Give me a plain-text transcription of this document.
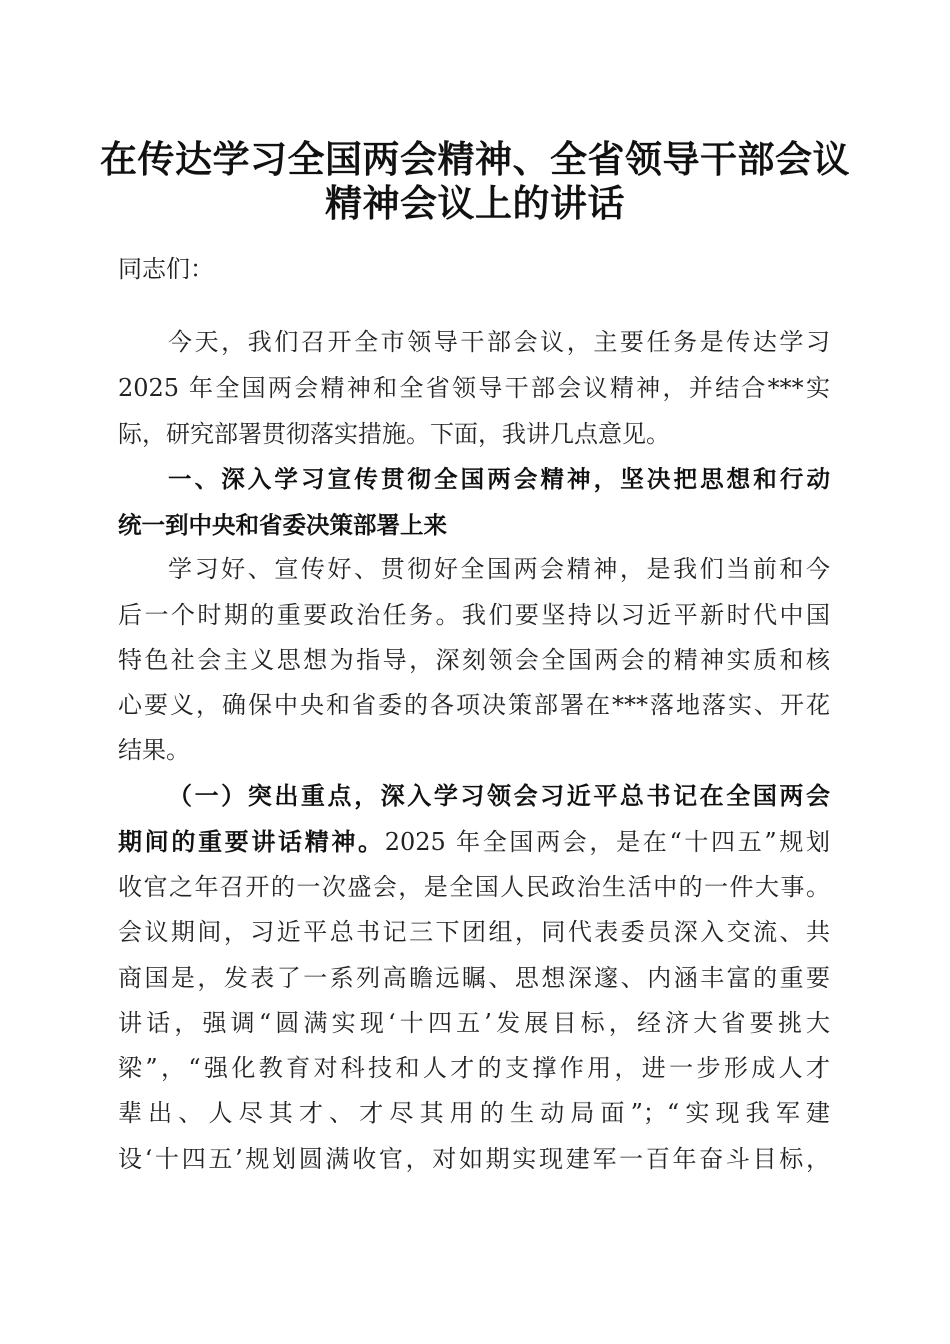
在传达学习全国两会精神、全省领导干部会议
精神会议上的讲话
同志们：
今天，我们召开全市领导干部会议，主要任务是传达学习
2025 年全国两会精神和全省领导干部会议精神，并结合***实
际，研究部署贯彻落实措施。下面，我讲几点意见。
一、深入学习宣传贯彻全国两会精神，坚决把思想和行动
统一到中央和省委决策部署上来
学习好、宣传好、贯彻好全国两会精神，是我们当前和今
后一个时期的重要政治任务。我们要坚持以习近平新时代中国
特色社会主义思想为指导，深刻领会全国两会的精神实质和核
心要义，确保中央和省委的各项决策部署在***落地落实、开花
结果。
（一）突出重点，深入学习领会习近平总书记在全国两会
期间的重要讲话精神。2025 年全国两会，是在“十四五”规划
收官之年召开的一次盛会，是全国人民政治生活中的一件大事。
会议期间，习近平总书记三下团组，同代表委员深入交流、共
商国是，发表了一系列高瞻远瞩、思想深邃、内涵丰富的重要
讲话，强调“圆满实现‘十四五’发展目标，经济大省要挑大
梁”，“强化教育对科技和人才的支撑作用，进一步形成人才
辈出、人尽其才、才尽其用的生动局面”；“实现我军建
设‘十四五’规划圆满收官，对如期实现建军一百年奋斗目标，
